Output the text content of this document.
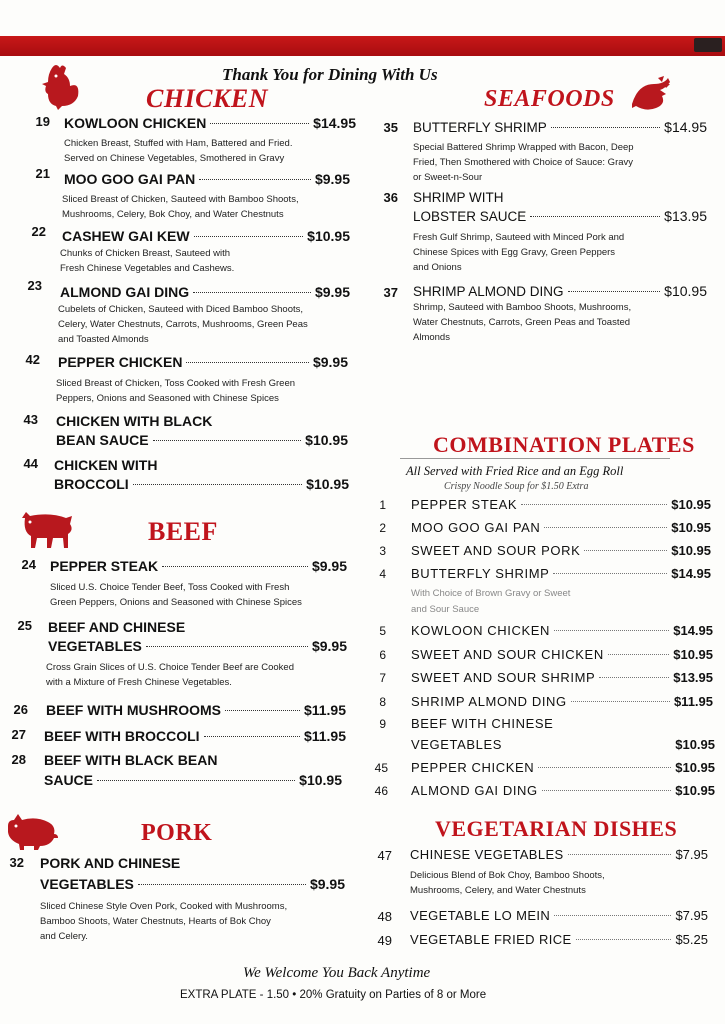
Thank You for Dining With Us
CHICKEN
BEEF
PORK
SEAFOODS
COMBINATION PLATES
VEGETARIAN DISHES
19 KOWLOON CHICKEN	$14.95
Chicken Breast, Stuffed with Ham, Battered and Fried.
Served on Chinese Vegetables, Smothered in Gravy
21 MOO GOO GAI PAN	$9.95
Sliced Breast of Chicken, Sauteed with Bamboo Shoots,
Mushrooms, Celery, Bok Choy, and Water Chestnuts
22 CASHEW GAI KEW	$10.95
Chunks of Chicken Breast, Sauteed with
Fresh Chinese Vegetables and Cashews.
23 ALMOND GAI DING	$9.95
Cubelets of Chicken, Sauteed with Diced Bamboo Shoots,
Celery, Water Chestnuts, Carrots, Mushrooms, Green Peas
and Toasted Almonds
42 PEPPER CHICKEN	$9.95
Sliced Breast of Chicken, Toss Cooked with Fresh Green
Peppers, Onions and Seasoned with Chinese Spices
43 CHICKEN WITH BLACK
BEAN SAUCE	$10.95
44 CHICKEN WITH
BROCCOLI	$10.95
24 PEPPER STEAK	$9.95
Sliced U.S. Choice Tender Beef, Toss Cooked with Fresh
Green Peppers, Onions and Seasoned with Chinese Spices
25 BEEF AND CHINESE
VEGETABLES	$9.95
Cross Grain Slices of U.S. Choice Tender Beef are Cooked
with a Mixture of Fresh Chinese Vegetables.
26 BEEF WITH MUSHROOMS	$11.95
27 BEEF WITH BROCCOLI	$11.95
28 BEEF WITH BLACK BEAN
SAUCE	$10.95
32 PORK AND CHINESE
VEGETABLES	$9.95
Sliced Chinese Style Oven Pork, Cooked with Mushrooms,
Bamboo Shoots, Water Chestnuts, Hearts of Bok Choy
and Celery.
35 BUTTERFLY SHRIMP	$14.95
Special Battered Shrimp Wrapped with Bacon, Deep
Fried, Then Smothered with Choice of Sauce: Gravy
or Sweet-n-Sour
36 SHRIMP WITH
LOBSTER SAUCE	$13.95
Fresh Gulf Shrimp, Sauteed with Minced Pork and
Chinese Spices with Egg Gravy, Green Peppers
and Onions
37 SHRIMP ALMOND DING	$10.95
Shrimp, Sauteed with Bamboo Shoots, Mushrooms,
Water Chestnuts, Carrots, Green Peas and Toasted
Almonds
All Served with Fried Rice and an Egg Roll
Crispy Noodle Soup for $1.50 Extra
1 PEPPER STEAK	$10.95
2 MOO GOO GAI PAN	$10.95
3 SWEET AND SOUR PORK	$10.95
4 BUTTERFLY SHRIMP	$14.95
With Choice of Brown Gravy or Sweet
and Sour Sauce
5 KOWLOON CHICKEN	$14.95
6 SWEET AND SOUR CHICKEN	$10.95
7 SWEET AND SOUR SHRIMP	$13.95
8 SHRIMP ALMOND DING	$11.95
9 BEEF WITH CHINESE
VEGETABLES	$10.95
45 PEPPER CHICKEN	$10.95
46 ALMOND GAI DING	$10.95
47 CHINESE VEGETABLES	$7.95
Delicious Blend of Bok Choy, Bamboo Shoots,
Mushrooms, Celery, and Water Chestnuts
48 VEGETABLE LO MEIN	$7.95
49 VEGETABLE FRIED RICE	$5.25
We Welcome You Back Anytime
EXTRA PLATE - 1.50 • 20% Gratuity on Parties of 8 or More
